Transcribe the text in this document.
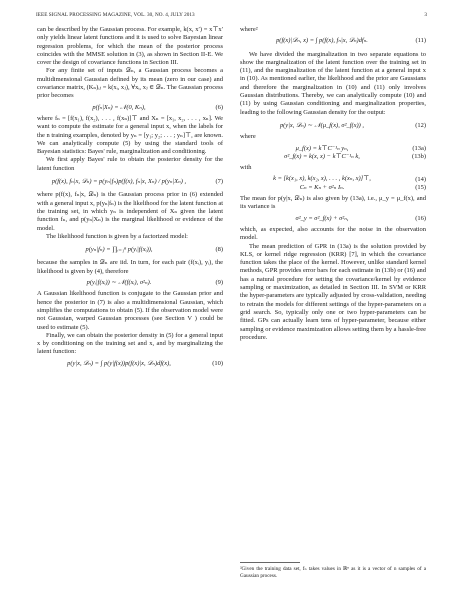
IEEE SIGNAL PROCESSING MAGAZINE, VOL. 30, NO. 4, JULY 2013	3

can be described by the Gaussian process. For example, k(x, x′) = x⊤x′ only yields linear latent functions and it is used to solve Bayesian linear regression problems, for which the mean of the posterior process coincides with the MMSE solution in (3), as shown in Section II-E. We cover the design of covariance functions in Section III.

For any finite set of inputs 𝒟ₙ, a Gaussian process becomes a multidimensional Gaussian defined by its mean (zero in our case) and covariance matrix, (Kₙ)ᵢⱼ = k(xᵢ, xⱼ), ∀xᵢ, xⱼ ∈ 𝒟ₙ. The Gaussian process prior becomes

p(fₙ|Xₙ) = 𝒩(0, Kₙ),	(6)

where fₙ = [f(x₁), f(x₂), . . . , f(xₙ)]⊤ and Xₙ = [x₁, x₂, . . . , xₙ]. We want to compute the estimate for a general input x, when the labels for the n training examples, denoted by yₙ = [y₁; y₂; . . . ; yₙ]⊤, are known. We can analytically compute (5) by using the standard tools of Bayesian statistics: Bayes' rule, marginalization and conditioning.

We first apply Bayes' rule to obtain the posterior density for the latent function

p(f(x), fₙ|x, 𝒟ₙ) = p(yₙ|fₙ)p(f(x), fₙ|x, Xₙ) / p(yₙ|Xₙ) ,	(7)

where p(f(x), fₙ|x, 𝒟ₙ) is the Gaussian process prior in (6) extended with a general input x, p(yₙ|fₙ) is the likelihood for the latent function at the training set, in which yₙ is independent of Xₙ given the latent function fₙ, and p(yₙ|Xₙ) is the marginal likelihood or evidence of the model.

The likelihood function is given by a factorized model:

p(yₙ|fₙ) = ∏ᵢ₌₁ⁿ p(yᵢ|f(xᵢ)),	(8)

because the samples in 𝒟ₙ are iid. In turn, for each pair (f(xᵢ), yᵢ), the likelihood is given by (4), therefore

p(yᵢ|f(xᵢ)) ∼ 𝒩(f(xᵢ), σ²ₙ).	(9)

A Gaussian likelihood function is conjugate to the Gaussian prior and hence the posterior in (7) is also a multidimensional Gaussian, which simplifies the computations to obtain (5). If the observation model were not Gaussian, warped Gaussian processes (see Section V ) could be used to estimate (5).

Finally, we can obtain the posterior density in (5) for a general input x by conditioning on the training set and x, and by marginalizing the latent function:

p(y|x, 𝒟ₙ) = ∫ p(y|f(x))p(f(x)|x, 𝒟ₙ)df(x),	(10)

where²

p(f(x)|𝒟ₙ, x) = ∫ p(f(x), fₙ|x, 𝒟ₙ)dfₙ.	(11)

We have divided the marginalization in two separate equations to show the marginalization of the latent function over the training set in (11), and the marginalization of the latent function at a general input x in (10). As mentioned earlier, the likelihood and the prior are Gaussians and therefore the marginalization in (10) and (11) only involves Gaussian distributions. Thereby, we can analytically compute (10) and (11) by using Gaussian conditioning and marginalization properties, leading to the following Gaussian density for the output:

p(y|x, 𝒟ₙ) ∼ 𝒩(μ_f(x), σ²_f(x)) ,	(12)

where

μ_f(x) = k⊤C⁻¹ₙ yₙ,	(13a)
σ²_f(x) = k(x, x) − k⊤C⁻¹ₙ k,	(13b)

with

k = [k(x₁, x), k(x₂, x), . . . , k(xₙ, x)]⊤,	(14)
Cₙ = Kₙ + σ²ₙ Iₙ.	(15)

The mean for p(y|x, 𝒟ₙ) is also given by (13a), i.e., μ_y = μ_f(x), and its variance is

σ²_y = σ²_f(x) + σ²ₙ,	(16)

which, as expected, also accounts for the noise in the observation model.

The mean prediction of GPR in (13a) is the solution provided by KLS, or kernel ridge regression (KRR) [7], in which the covariance function takes the place of the kernel. However, unlike standard kernel methods, GPR provides error bars for each estimate in (13b) or (16) and has a natural procedure for setting the covariance/kernel by evidence sampling or maximization, as detailed in Section III. In SVM or KRR the hyper-parameters are typically adjusted by cross-validation, needing to retrain the models for different settings of the hyper-parameters on a grid search. So, typically only one or two hyper-parameters can be fitted. GPs can actually learn tens of hyper-parameter, because either sampling or evidence maximization allows setting them by a hassle-free procedure.

²Given the training data set, fₙ takes values in ℝⁿ as it is a vector of n samples of a Gaussian process.
